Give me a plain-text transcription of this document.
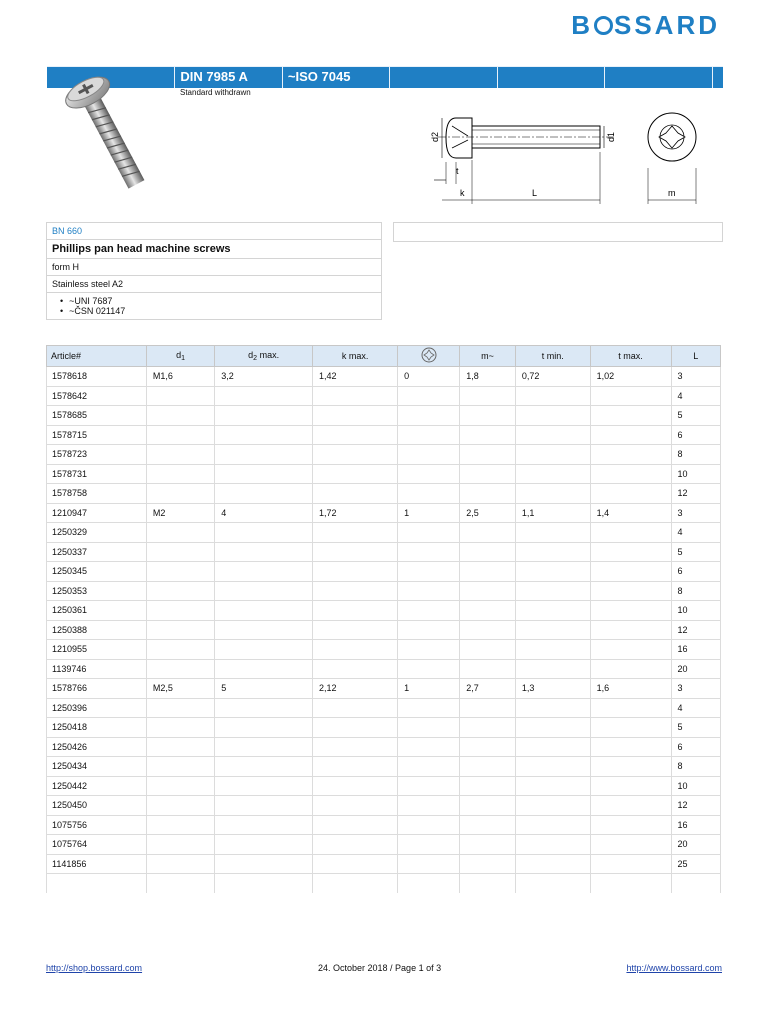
B SSARD
DIN 7985 A	~ISO 7045
Standard withdrawn
d2	d1
t
k	L	m
BN 660
Phillips pan head machine screws
form H
Stainless steel A2
• ~UNI 7687
• ~ČSN 021147
Article#	$d_1$	$d_2$ max.	k max.		m~	t min.	t max.	L
1578618	M1,6	3,2	1,42	0	1,8	0,72	1,02	3
1578642								4
1578685								5
1578715								6
1578723								8
1578731								10
1578758								12
1210947	M2	4	1,72	1	2,5	1,1	1,4	3
1250329								4
1250337								5
1250345								6
1250353								8
1250361								10
1250388								12
1210955								16
1139746								20
1578766	M2,5	5	2,12	1	2,7	1,3	1,6	3
1250396								4
1250418								5
1250426								6
1250434								8
1250442								10
1250450								12
1075756								16
1075764								20
1141856								25

http://shop.bossard.com	24. October 2018 / Page 1 of 3	http://www.bossard.com
